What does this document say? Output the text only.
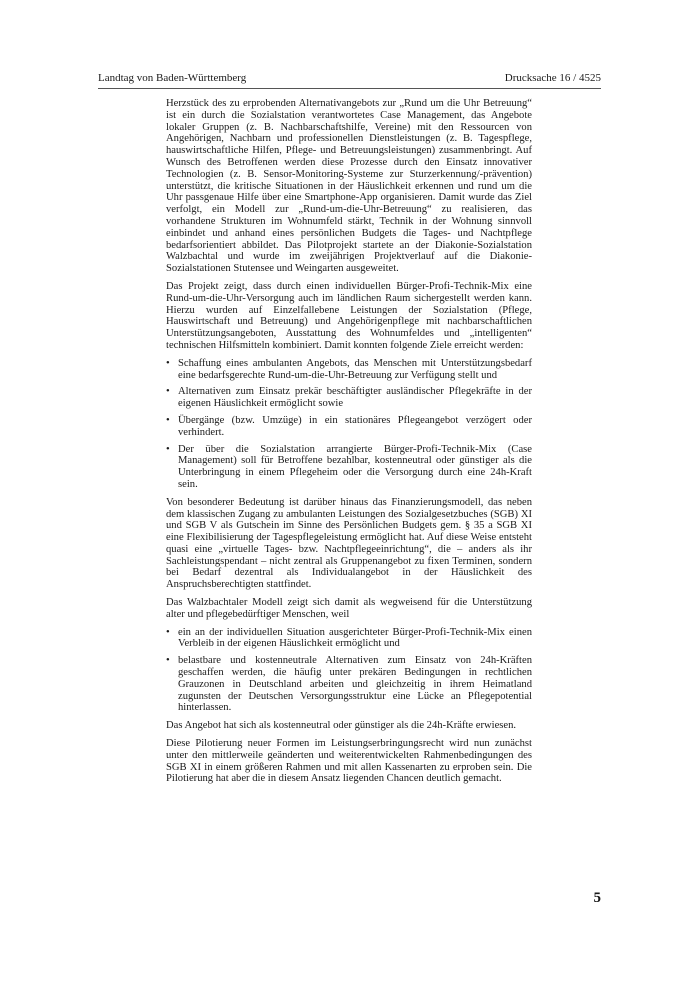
Landtag von Baden-Württemberg	Drucksache 16 / 4525

Herzstück des zu erprobenden Alternativangebots zur „Rund um die Uhr Betreuung“ ist ein durch die Sozialstation verantwortetes Case Management, das Angebote lokaler Gruppen (z. B. Nachbarschaftshilfe, Vereine) mit den Ressourcen von Angehörigen, Nachbarn und professionellen Dienstleistungen (z. B. Tagespflege, hauswirtschaftliche Hilfen, Pflege- und Betreuungsleistungen) zusammenbringt. Auf Wunsch des Betroffenen werden diese Prozesse durch den Einsatz innovativer Technologien (z. B. Sensor-Monitoring-Systeme zur Sturzerkennung/-prävention) unterstützt, die kritische Situationen in der Häuslichkeit erkennen und rund um die Uhr passgenaue Hilfe über eine Smartphone-App organisieren. Damit wurde das Ziel verfolgt, ein Modell zur „Rund-um-die-Uhr-Betreuung“ zu realisieren, das vorhandene Strukturen im Wohnumfeld stärkt, Technik in der Wohnung sinnvoll einbindet und anhand eines persönlichen Budgets die Tages- und Nachtpflege bedarfsorientiert abbildet. Das Pilotprojekt startete an der Diakonie-Sozialstation Walzbachtal und wurde im zweijährigen Projektverlauf auf die Diakonie-Sozialstationen Stutensee und Weingarten ausgeweitet.

Das Projekt zeigt, dass durch einen individuellen Bürger-Profi-Technik-Mix eine Rund-um-die-Uhr-Versorgung auch im ländlichen Raum sichergestellt werden kann. Hierzu wurden auf Einzelfallebene Leistungen der Sozialstation (Pflege, Hauswirtschaft und Betreuung) und Angehörigenpflege mit nachbarschaftlichen Unterstützungsangeboten, Ausstattung des Wohnumfeldes und „intelligenten“ technischen Hilfsmitteln kombiniert. Damit konnten folgende Ziele erreicht werden:

• Schaffung eines ambulanten Angebots, das Menschen mit Unterstützungsbedarf eine bedarfsgerechte Rund-um-die-Uhr-Betreuung zur Verfügung stellt und
• Alternativen zum Einsatz prekär beschäftigter ausländischer Pflegekräfte in der eigenen Häuslichkeit ermöglicht sowie
• Übergänge (bzw. Umzüge) in ein stationäres Pflegeangebot verzögert oder verhindert.
• Der über die Sozialstation arrangierte Bürger-Profi-Technik-Mix (Case Management) soll für Betroffene bezahlbar, kostenneutral oder günstiger als die Unterbringung in einem Pflegeheim oder die Versorgung durch eine 24h-Kraft sein.

Von besonderer Bedeutung ist darüber hinaus das Finanzierungsmodell, das neben dem klassischen Zugang zu ambulanten Leistungen des Sozialgesetzbuches (SGB) XI und SGB V als Gutschein im Sinne des Persönlichen Budgets gem. § 35 a SGB XI eine Flexibilisierung der Tagespflegeleistung ermöglicht hat. Auf diese Weise entsteht quasi eine „virtuelle Tages- bzw. Nachtpflegeeinrichtung“, die – anders als ihr Sachleistungspendant – nicht zentral als Gruppenangebot zu fixen Terminen, sondern bei Bedarf dezentral als Individualangebot in der Häuslichkeit des Anspruchsberechtigten stattfindet.

Das Walzbachtaler Modell zeigt sich damit als wegweisend für die Unterstützung alter und pflegebedürftiger Menschen, weil

• ein an der individuellen Situation ausgerichteter Bürger-Profi-Technik-Mix einen Verbleib in der eigenen Häuslichkeit ermöglicht und
• belastbare und kostenneutrale Alternativen zum Einsatz von 24h-Kräften geschaffen werden, die häufig unter prekären Bedingungen in rechtlichen Grauzonen in Deutschland arbeiten und gleichzeitig in ihrem Heimatland zugunsten der Deutschen Versorgungsstruktur eine Lücke an Pflegepotential hinterlassen.

Das Angebot hat sich als kostenneutral oder günstiger als die 24h-Kräfte erwiesen.

Diese Pilotierung neuer Formen im Leistungserbringungsrecht wird nun zunächst unter den mittlerweile geänderten und weiterentwickelten Rahmenbedingungen des SGB XI in einem größeren Rahmen und mit allen Kassenarten zu erproben sein. Die Pilotierung hat aber die in diesem Ansatz liegenden Chancen deutlich gemacht.

5
